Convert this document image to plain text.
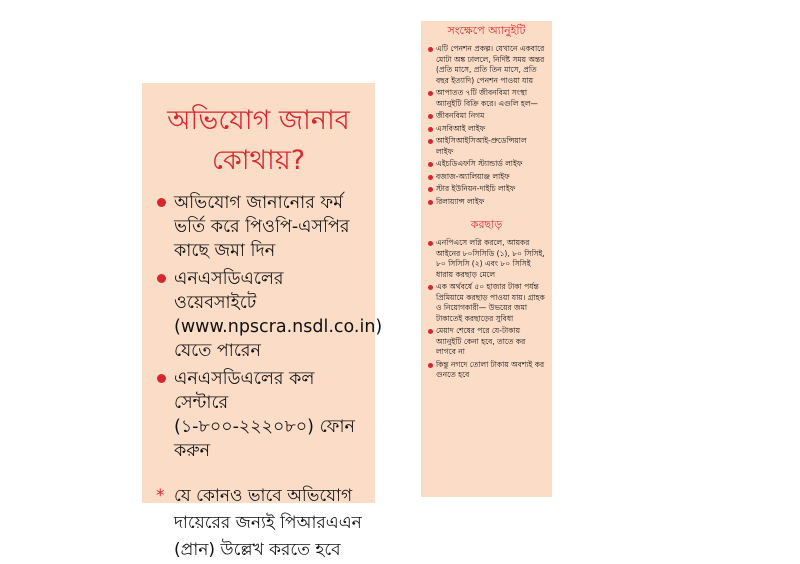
অভিযোগ জানাব কোথায়?
অভিযোগ জানানোর ফর্ম ভর্তি করে পিওপি-এসপির কাছে জমা দিন
এনএসডিএলের ওয়েবসাইটে (www.npscra.nsdl.co.in) যেতে পারেন
এনএসডিএলের কল সেন্টারে (১-৮০০-২২২০৮০) ফোন করুন
* যে কোনও ভাবে অভিযোগ দায়েরের জন্যই পিআরএএন (প্রান) উল্লেখ করতে হবে
সংক্ষেপে অ্যানুইটি
এটি পেনশন প্রকল্প। যেখানে একবারে মোটা অঙ্ক ঢাললে, নির্দিষ্ট সময় অন্তর (প্রতি মাসে, প্রতি তিন মাসে, প্রতি বছর ইত্যাদি) পেনশন পাওয়া যায়
আপাতত ৭টি জীবনবিমা সংস্থা অ্যানুইটি বিক্রি করে। এগুলি হল—
জীবনবিমা নিগম
এসবিআই লাইফ
আইসিআইসিআই-প্রুডেন্সিয়াল লাইফ
এইচডিএফসি স্ট্যান্ডার্ড লাইফ
বজাজ-অ্যালিয়াঞ্জ লাইফ
স্টার ইউনিয়ন-দাইচি লাইফ
রিলায়্যান্স লাইফ
করছাড়
এনপিএসে লগ্নি করলে, আয়কর আইনের ৮০সিসিডি (১), ৮০ সিসিই, ৮০ সিসিসি (২) এবং ৮০ সিসিই ধারায় করছাড় মেলে
এক অর্থবর্ষে ৫০ হাজার টাকা পর্যন্ত প্রিমিয়ামে করছাড় পাওয়া যায়। গ্রাহক ও নিয়োগকারী— উভয়ের জমা টাকাতেই করছাড়ের সুবিধা
মেয়াদ শেষের পরে যে-টাকায় অ্যানুইটি কেনা হবে, তাতে কর লাগবে না
কিন্তু নগদে তোলা টাকায় অবশ্যই কর গুনতে হবে
